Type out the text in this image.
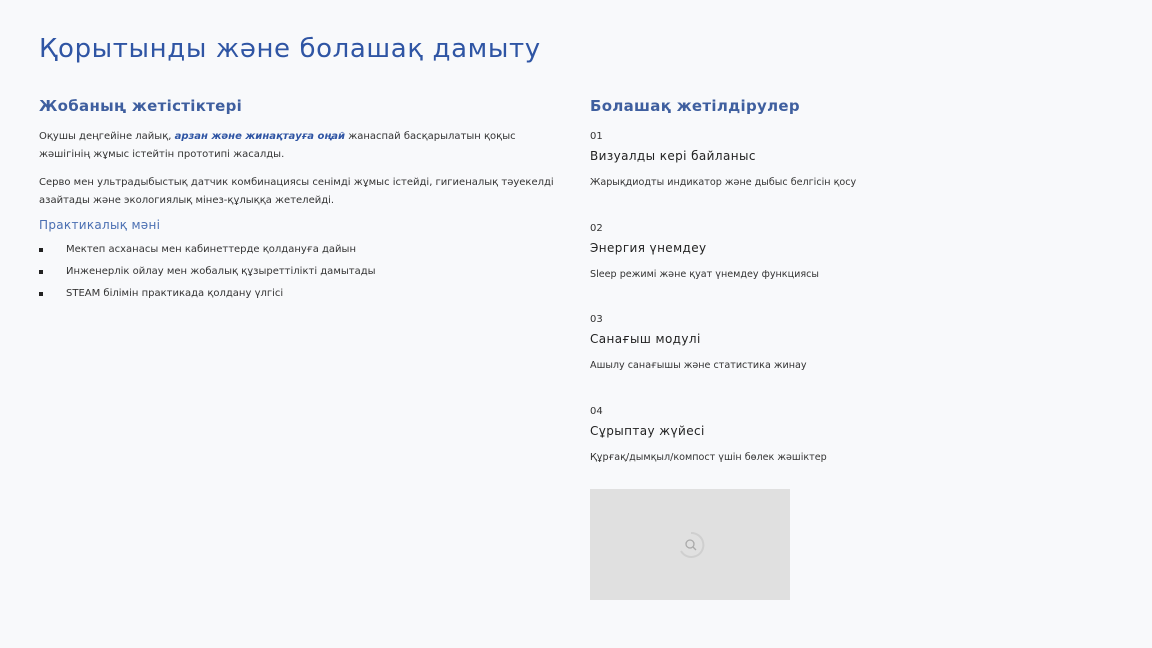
Қорытынды және болашақ дамыту
Жобаның жетістіктері

Оқушы деңгейіне лайық, арзан және жинақтауға оңай жанаспай басқарылатын қоқыс жәшігінің жұмыс істейтін прототипі жасалды.

Серво мен ультрадыбыстық датчик комбинациясы сенімді жұмыс істейді, гигиеналық тәуекелді азайтады және экологиялық мінез-құлыққа жетелейді.

Практикалық мәні
Мектеп асханасы мен кабинеттерде қолдануға дайын
Инженерлік ойлау мен жобалық құзыреттілікті дамытады
STEAM білімін практикада қолдану үлгісі
Болашақ жетілдірулер
01
Визуалды кері байланыс
Жарықдиодты индикатор және дыбыс белгісін қосу
02
Энергия үнемдеу
Sleep режимі және қуат үнемдеу функциясы
03
Санағыш модулі
Ашылу санағышы және статистика жинау
04
Сұрыптау жүйесі
Құрғақ/дымқыл/компост үшін бөлек жәшіктер
